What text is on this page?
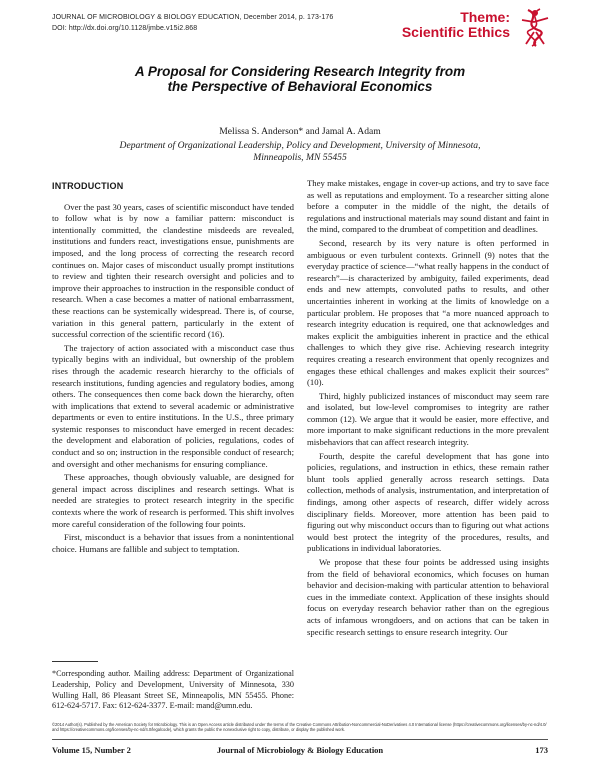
JOURNAL OF MICROBIOLOGY & BIOLOGY EDUCATION, December 2014, p. 173-176
DOI: http://dx.doi.org/10.1128/jmbe.v15i2.868
Theme:
Scientific Ethics
A Proposal for Considering Research Integrity from
the Perspective of Behavioral Economics
Melissa S. Anderson* and Jamal A. Adam
Department of Organizational Leadership, Policy and Development, University of Minnesota,
Minneapolis, MN 55455
INTRODUCTION

Over the past 30 years, cases of scientific misconduct have tended to follow what is by now a familiar pattern: misconduct is intentionally committed, the clandestine misdeeds are revealed, institutions and funders react, investigations ensue, punishments are imposed, and the long process of correcting the research record continues on. Major cases of misconduct usually prompt institutions to review and tighten their research oversight and policies and to improve their approaches to instruction in the responsible conduct of research. When a case becomes a matter of national embarrassment, these reactions can be systemically widespread. There is, of course, variation in this general pattern, particularly in the extent of successful correction of the scientific record (16).

The trajectory of action associated with a misconduct case thus typically begins with an individual, but ownership of the problem rises through the academic research hierarchy to the officials of research institutions, funding agencies and regulatory bodies, among others. The consequences then come back down the hierarchy, often with implications that extend to several academic or administrative departments or even to entire institutions. In the U.S., three primary systemic responses to misconduct have emerged in recent decades: the development and elaboration of policies, regulations, codes of conduct and so on; instruction in the responsible conduct of research; and oversight and other mechanisms for ensuring compliance.

These approaches, though obviously valuable, are designed for general impact across disciplines and research settings. What is needed are strategies to protect research integrity in the specific contexts where the work of research is performed. This shift involves more careful consideration of the following four points.

First, misconduct is a behavior that issues from a nonintentional choice. Humans are fallible and subject to temptation.

They make mistakes, engage in cover-up actions, and try to save face as well as reputations and employment. To a researcher sitting alone before a computer in the middle of the night, the details of regulations and instructional materials may sound distant and faint in the mind, compared to the drumbeat of competition and deadlines.

Second, research by its very nature is often performed in ambiguous or even turbulent contexts. Grinnell (9) notes that the everyday practice of science—“what really happens in the conduct of research”—is characterized by ambiguity, failed experiments, dead ends and new attempts, convoluted paths to results, and other uncertainties inherent in working at the limits of knowledge on a particular problem. He proposes that “a more nuanced approach to research integrity education is required, one that acknowledges and makes explicit the ambiguities inherent in practice and the ethical challenges to which they give rise. Achieving research integrity requires creating a research environment that openly recognizes and engages these ethical challenges and makes explicit their sources” (10).

Third, highly publicized instances of misconduct may seem rare and isolated, but low-level compromises to integrity are rather common (12). We argue that it would be easier, more effective, and more important to make significant reductions in the more prevalent misbehaviors that can affect research integrity.

Fourth, despite the careful development that has gone into policies, regulations, and instruction in ethics, these remain rather blunt tools applied generally across research settings. Data collection, methods of analysis, instrumentation, and interpretation of findings, among other aspects of research, differ widely across disciplinary fields. Moreover, more attention has been paid to figuring out why misconduct occurs than to figuring out what actions would best protect the integrity of the procedures, results, and publications in individual laboratories.

We propose that these four points be addressed using insights from the field of behavioral economics, which focuses on human behavior and decision-making with particular attention to behavioral cues in the immediate context. Application of these insights should focus on everyday research behavior rather than on the egregious acts of infamous wrongdoers, and on actions that can be taken in specific research settings to ensure research integrity. Our

*Corresponding author. Mailing address: Department of Organizational Leadership, Policy and Development, University of Minnesota, 330 Wulling Hall, 86 Pleasant Street SE, Minneapolis, MN 55455. Phone: 612-624-5717. Fax: 612-624-3377. E-mail: mand@umn.edu.
©2014 Author(s). Published by the American Society for Microbiology. This is an Open Access article distributed under the terms of the Creative Commons Attribution-Noncommercial-NoDerivatives 4.0 International license (https://creativecommons.org/licenses/by-nc-nd/4.0/ and https://creativecommons.org/licenses/by-nc-nd/4.0/legalcode), which grants the public the nonexclusive right to copy, distribute, or display the published work.
Volume 15, Number 2	Journal of Microbiology & Biology Education	173
